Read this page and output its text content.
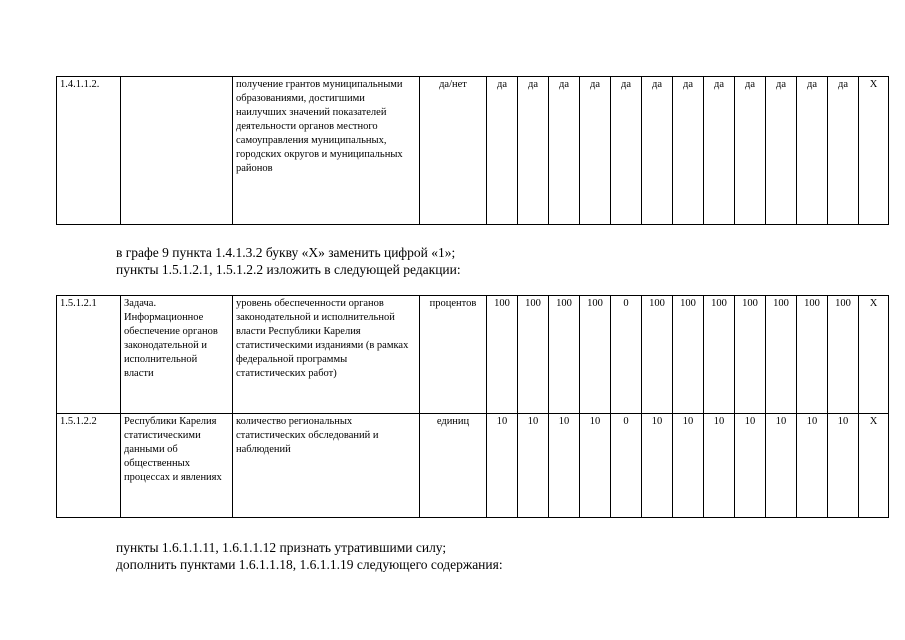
1.4.1.1.2.		получение грантов муниципальными образованиями, достигшими наилучших значений показателей деятельности органов местного самоуправления муниципальных, городских округов и муниципальных районов	да/нет	да	да	да	да	да	да	да	да	да	да	да	да	X

в графе 9 пункта 1.4.1.3.2 букву «X» заменить цифрой «1»;

пункты 1.5.1.2.1, 1.5.1.2.2 изложить в следующей редакции:

1.5.1.2.1	Задача. Информационное обеспечение органов законодательной и исполнительной власти	уровень обеспеченности органов законодательной и исполнительной власти Республики Карелия статистическими изданиями (в рамках федеральной программы статистических работ)	процентов	100	100	100	100	0	100	100	100	100	100	100	100	X
1.5.1.2.2	Республики Карелия статистическими данными об общественных процессах и явлениях	количество региональных статистических обследований и наблюдений	единиц	10	10	10	10	0	10	10	10	10	10	10	10	X

пункты 1.6.1.1.11, 1.6.1.1.12 признать утратившими силу;

дополнить пунктами 1.6.1.1.18, 1.6.1.1.19 следующего содержания:
